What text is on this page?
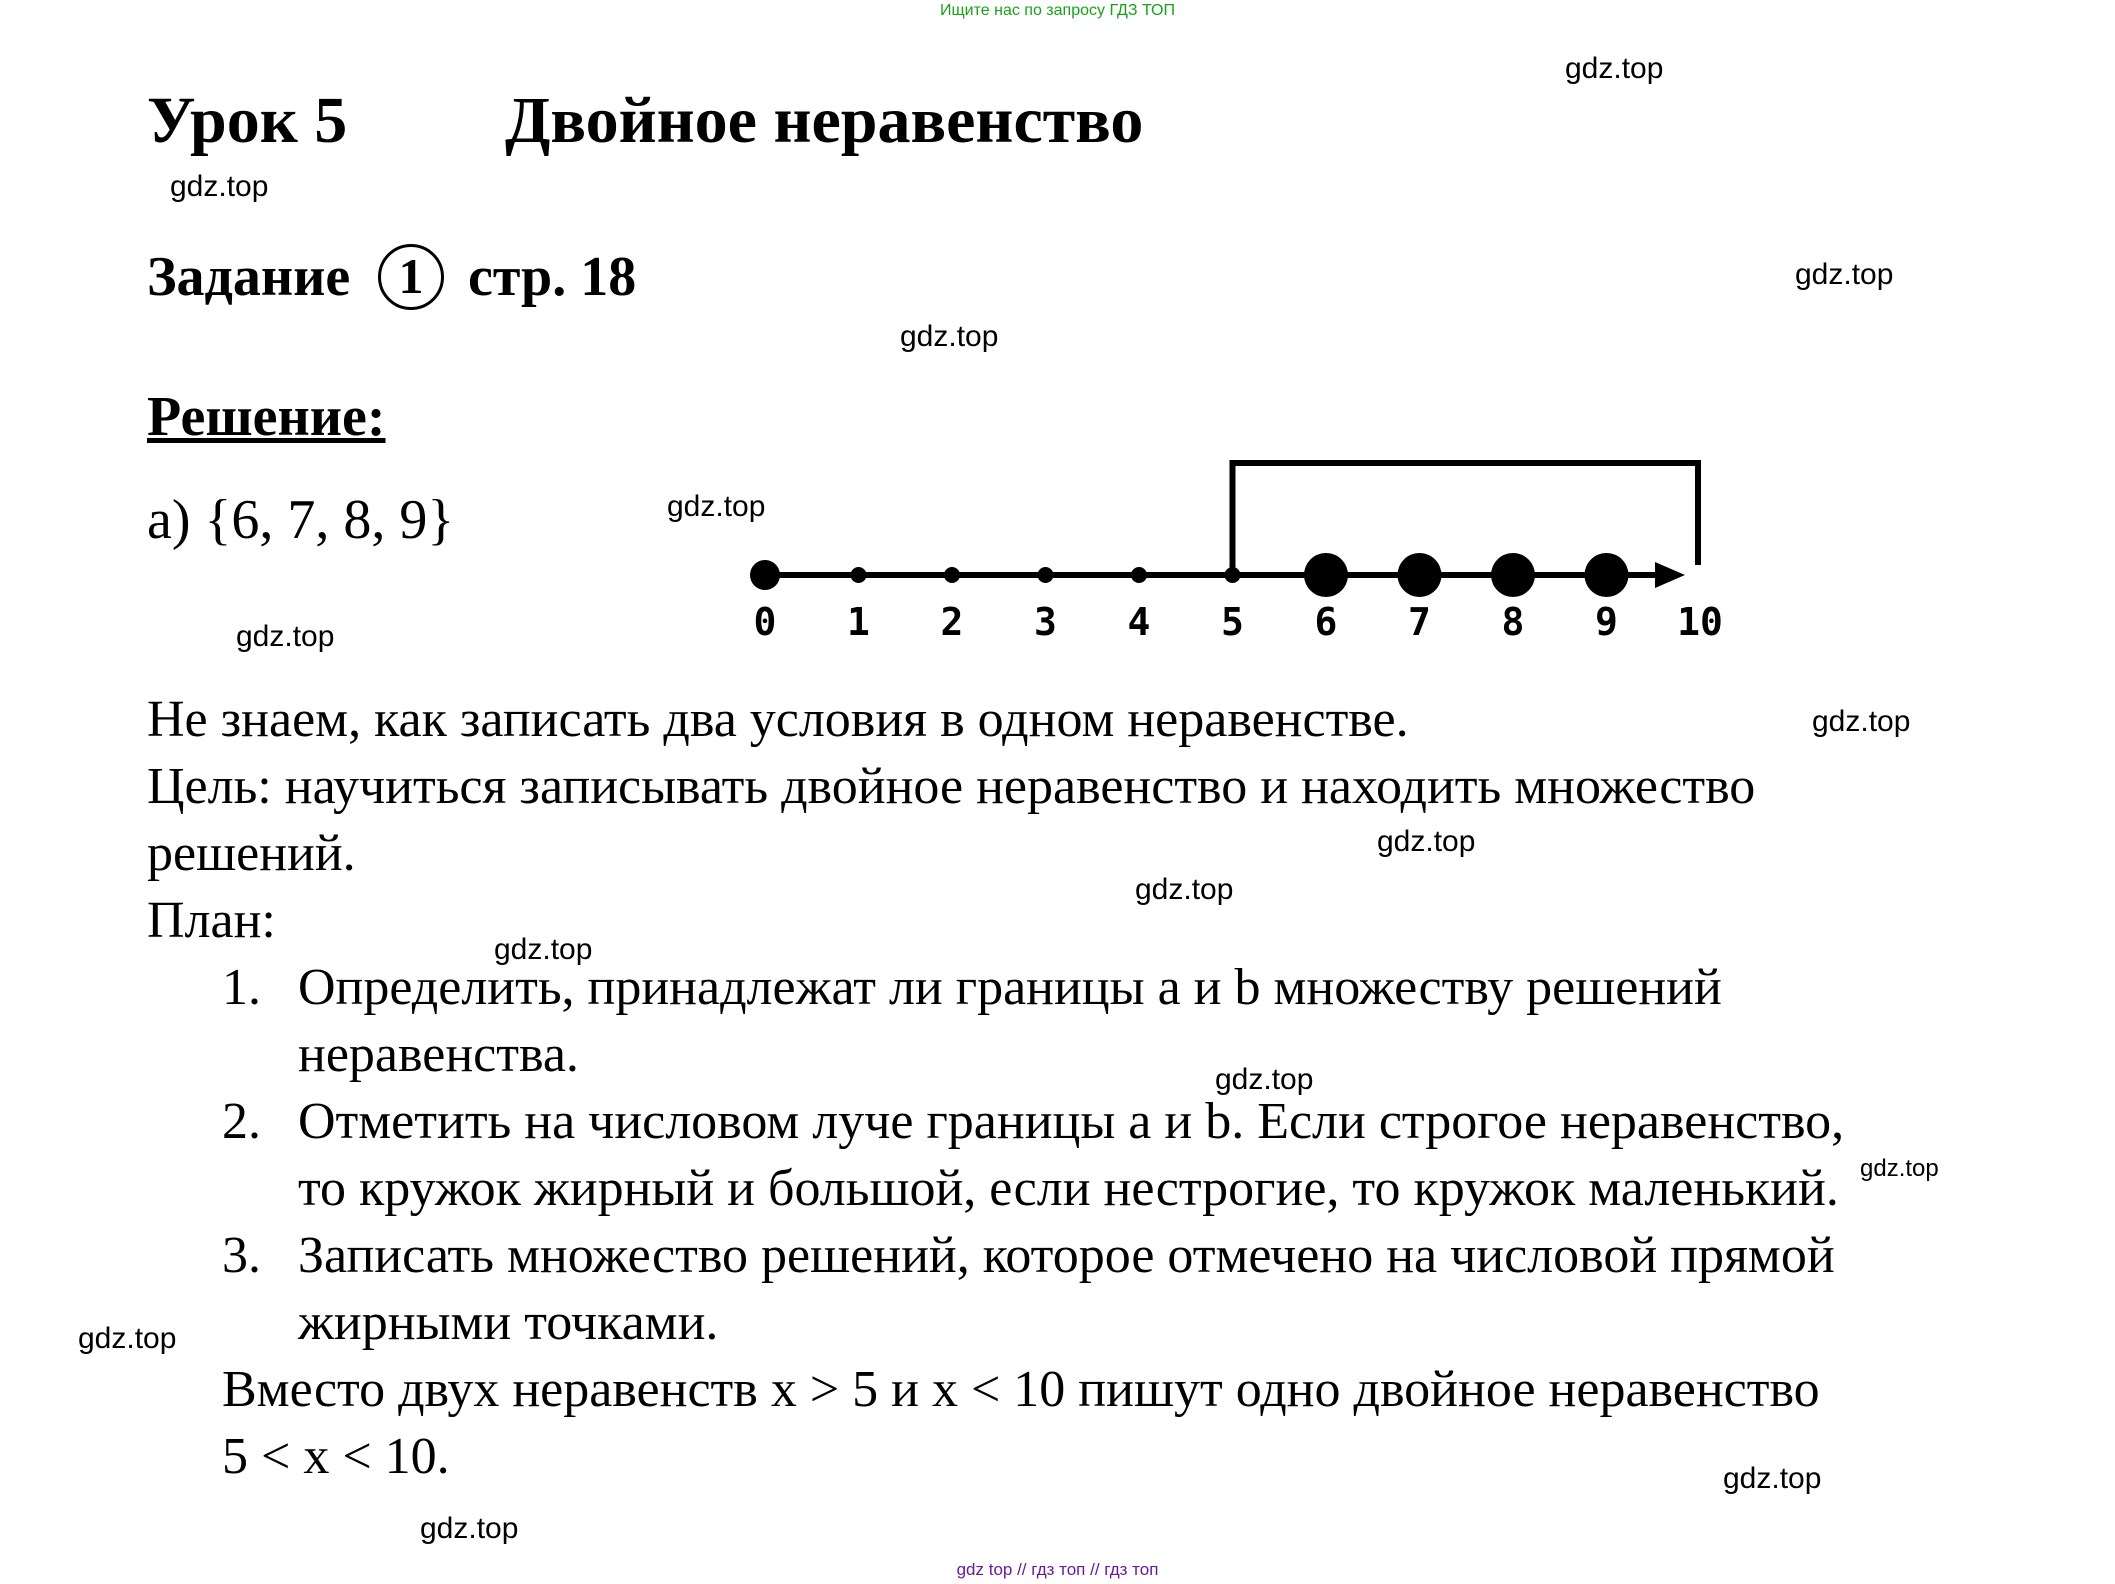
Ищите нас по запросу ГДЗ ТОП
Урок 5 Двойное неравенство
Задание 1 стр. 18
Решение:
а) {6, 7, 8, 9}
0 1 2 3 4 5 6 7 8 9 10
Не знаем, как записать два условия в одном неравенстве.
Цель: научиться записывать двойное неравенство и находить множество
решений.
План:
1. Определить, принадлежат ли границы a и b множеству решений
неравенства.
2. Отметить на числовом луче границы a и b. Если строгое неравенство,
то кружок жирный и большой, если нестрогие, то кружок маленький.
3. Записать множество решений, которое отмечено на числовой прямой
жирными точками.
Вместо двух неравенств x > 5 и x < 10 пишут одно двойное неравенство
5 < x < 10.
gdz.top
gdz.top
gdz.top
gdz.top
gdz.top
gdz.top
gdz.top
gdz.top
gdz.top
gdz.top
gdz.top
gdz.top
gdz.top
gdz.top
gdz.top
gdz top // гдз топ // гдз топ
